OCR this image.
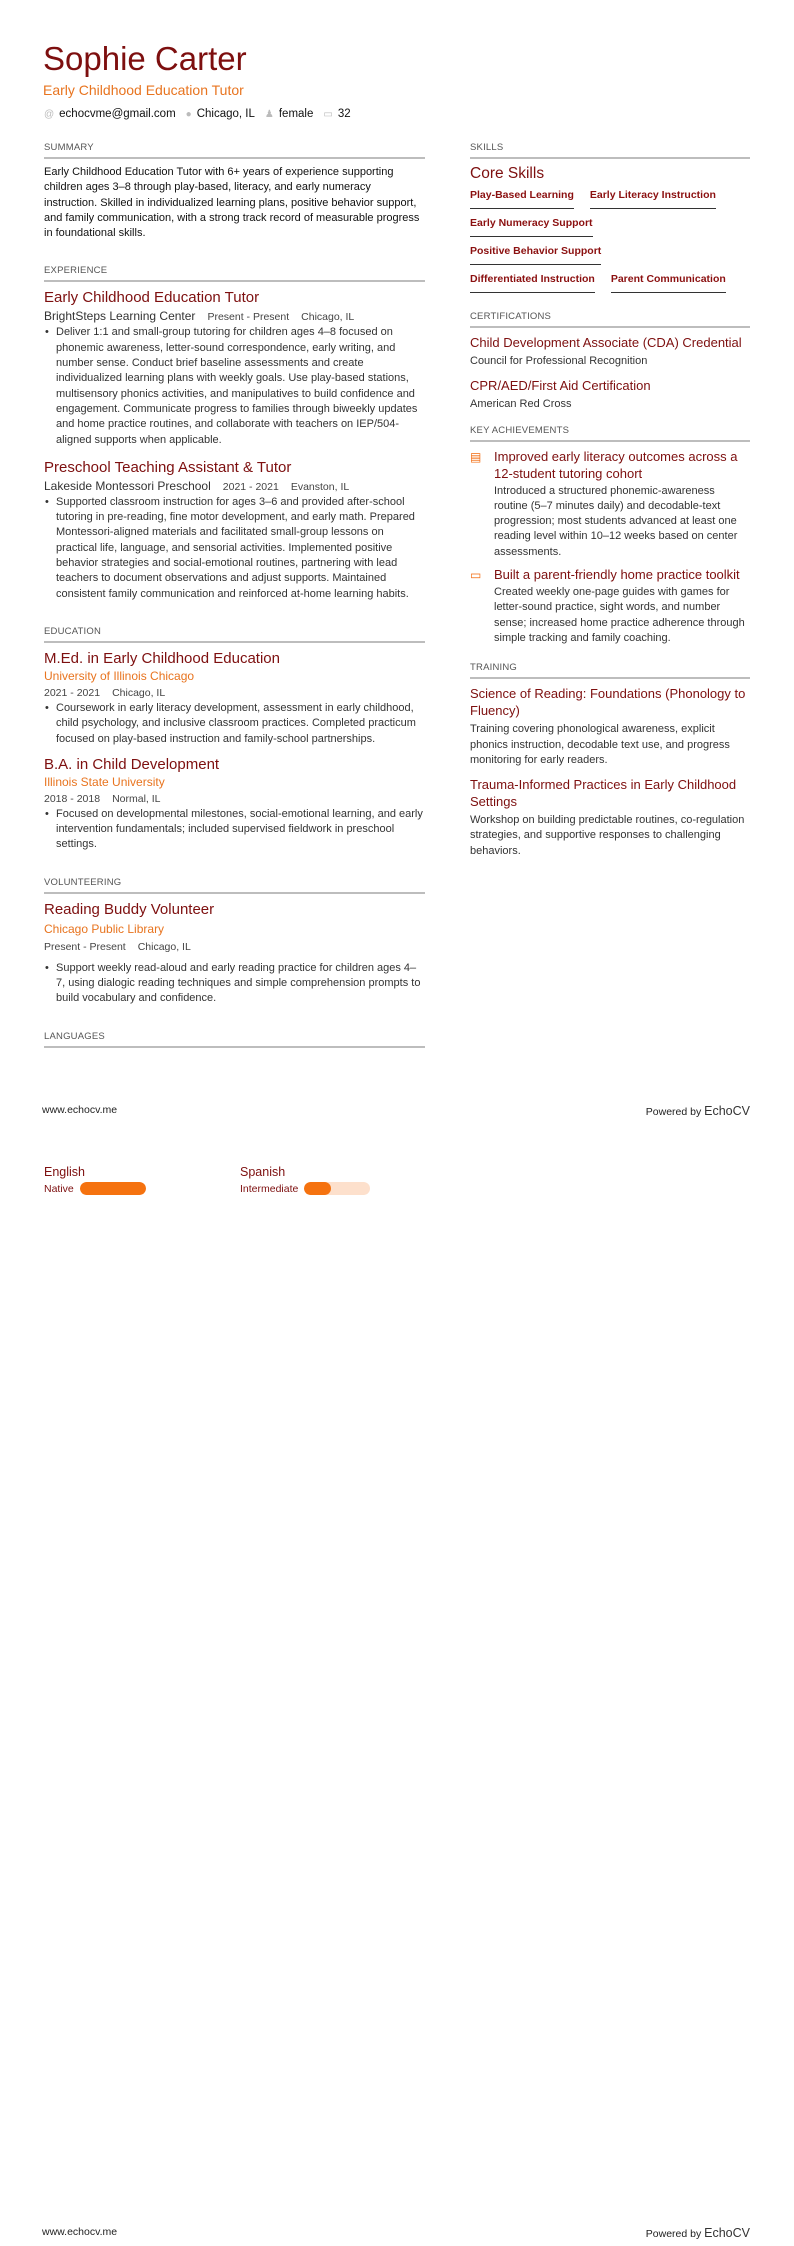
Sophie Carter
Early Childhood Education Tutor
@ echocvme@gmail.com ● Chicago, IL ♟ female ▭ 32
SUMMARY

Early Childhood Education Tutor with 6+ years of experience supporting children ages 3–8 through play-based, literacy, and early numeracy instruction. Skilled in individualized learning plans, positive behavior support, and family communication, with a strong track record of measurable progress in foundational skills.

EXPERIENCE
Early Childhood Education Tutor
BrightSteps Learning Center Present - Present Chicago, IL
• Deliver 1:1 and small-group tutoring for children ages 4–8 focused on phonemic awareness, letter-sound correspondence, early writing, and number sense. Conduct brief baseline assessments and create individualized learning plans with weekly goals. Use play-based stations, multisensory phonics activities, and manipulatives to build confidence and engagement. Communicate progress to families through biweekly updates and home practice routines, and collaborate with teachers on IEP/504-aligned supports when applicable.
Preschool Teaching Assistant & Tutor
Lakeside Montessori Preschool 2021 - 2021 Evanston, IL
• Supported classroom instruction for ages 3–6 and provided after-school tutoring in pre-reading, fine motor development, and early math. Prepared Montessori-aligned materials and facilitated small-group lessons on practical life, language, and sensorial activities. Implemented positive behavior strategies and social-emotional routines, partnering with lead teachers to document observations and adjust supports. Maintained consistent family communication and reinforced at-home learning habits.
EDUCATION
M.Ed. in Early Childhood Education
University of Illinois Chicago
2021 - 2021 Chicago, IL
• Coursework in early literacy development, assessment in early childhood, child psychology, and inclusive classroom practices. Completed practicum focused on play-based instruction and family-school partnerships.
B.A. in Child Development
Illinois State University
2018 - 2018 Normal, IL
• Focused on developmental milestones, social-emotional learning, and early intervention fundamentals; included supervised fieldwork in preschool settings.
VOLUNTEERING
Reading Buddy Volunteer
Chicago Public Library
Present - Present Chicago, IL
• Support weekly read-aloud and early reading practice for children ages 4–7, using dialogic reading techniques and simple comprehension prompts to build vocabulary and confidence.
LANGUAGES
SKILLS
Core Skills
Play-Based Learning Early Literacy Instruction
Early Numeracy Support
Positive Behavior Support
Differentiated Instruction Parent Communication
CERTIFICATIONS
Child Development Associate (CDA) Credential
Council for Professional Recognition
CPR/AED/First Aid Certification
American Red Cross
KEY ACHIEVEMENTS
▤ Improved early literacy outcomes across a 12-student tutoring cohort
Introduced a structured phonemic-awareness routine (5–7 minutes daily) and decodable-text progression; most students advanced at least one reading level within 10–12 weeks based on center assessments.
▭ Built a parent-friendly home practice toolkit
Created weekly one-page guides with games for letter-sound practice, sight words, and number sense; increased home practice adherence through simple tracking and family coaching.
TRAINING
Science of Reading: Foundations (Phonology to Fluency)
Training covering phonological awareness, explicit phonics instruction, decodable text use, and progress monitoring for early readers.
Trauma-Informed Practices in Early Childhood Settings
Workshop on building predictable routines, co-regulation strategies, and supportive responses to challenging behaviors.
www.echocv.me	Powered by EchoCV
English
Native
Spanish
Intermediate
www.echocv.me	Powered by EchoCV
